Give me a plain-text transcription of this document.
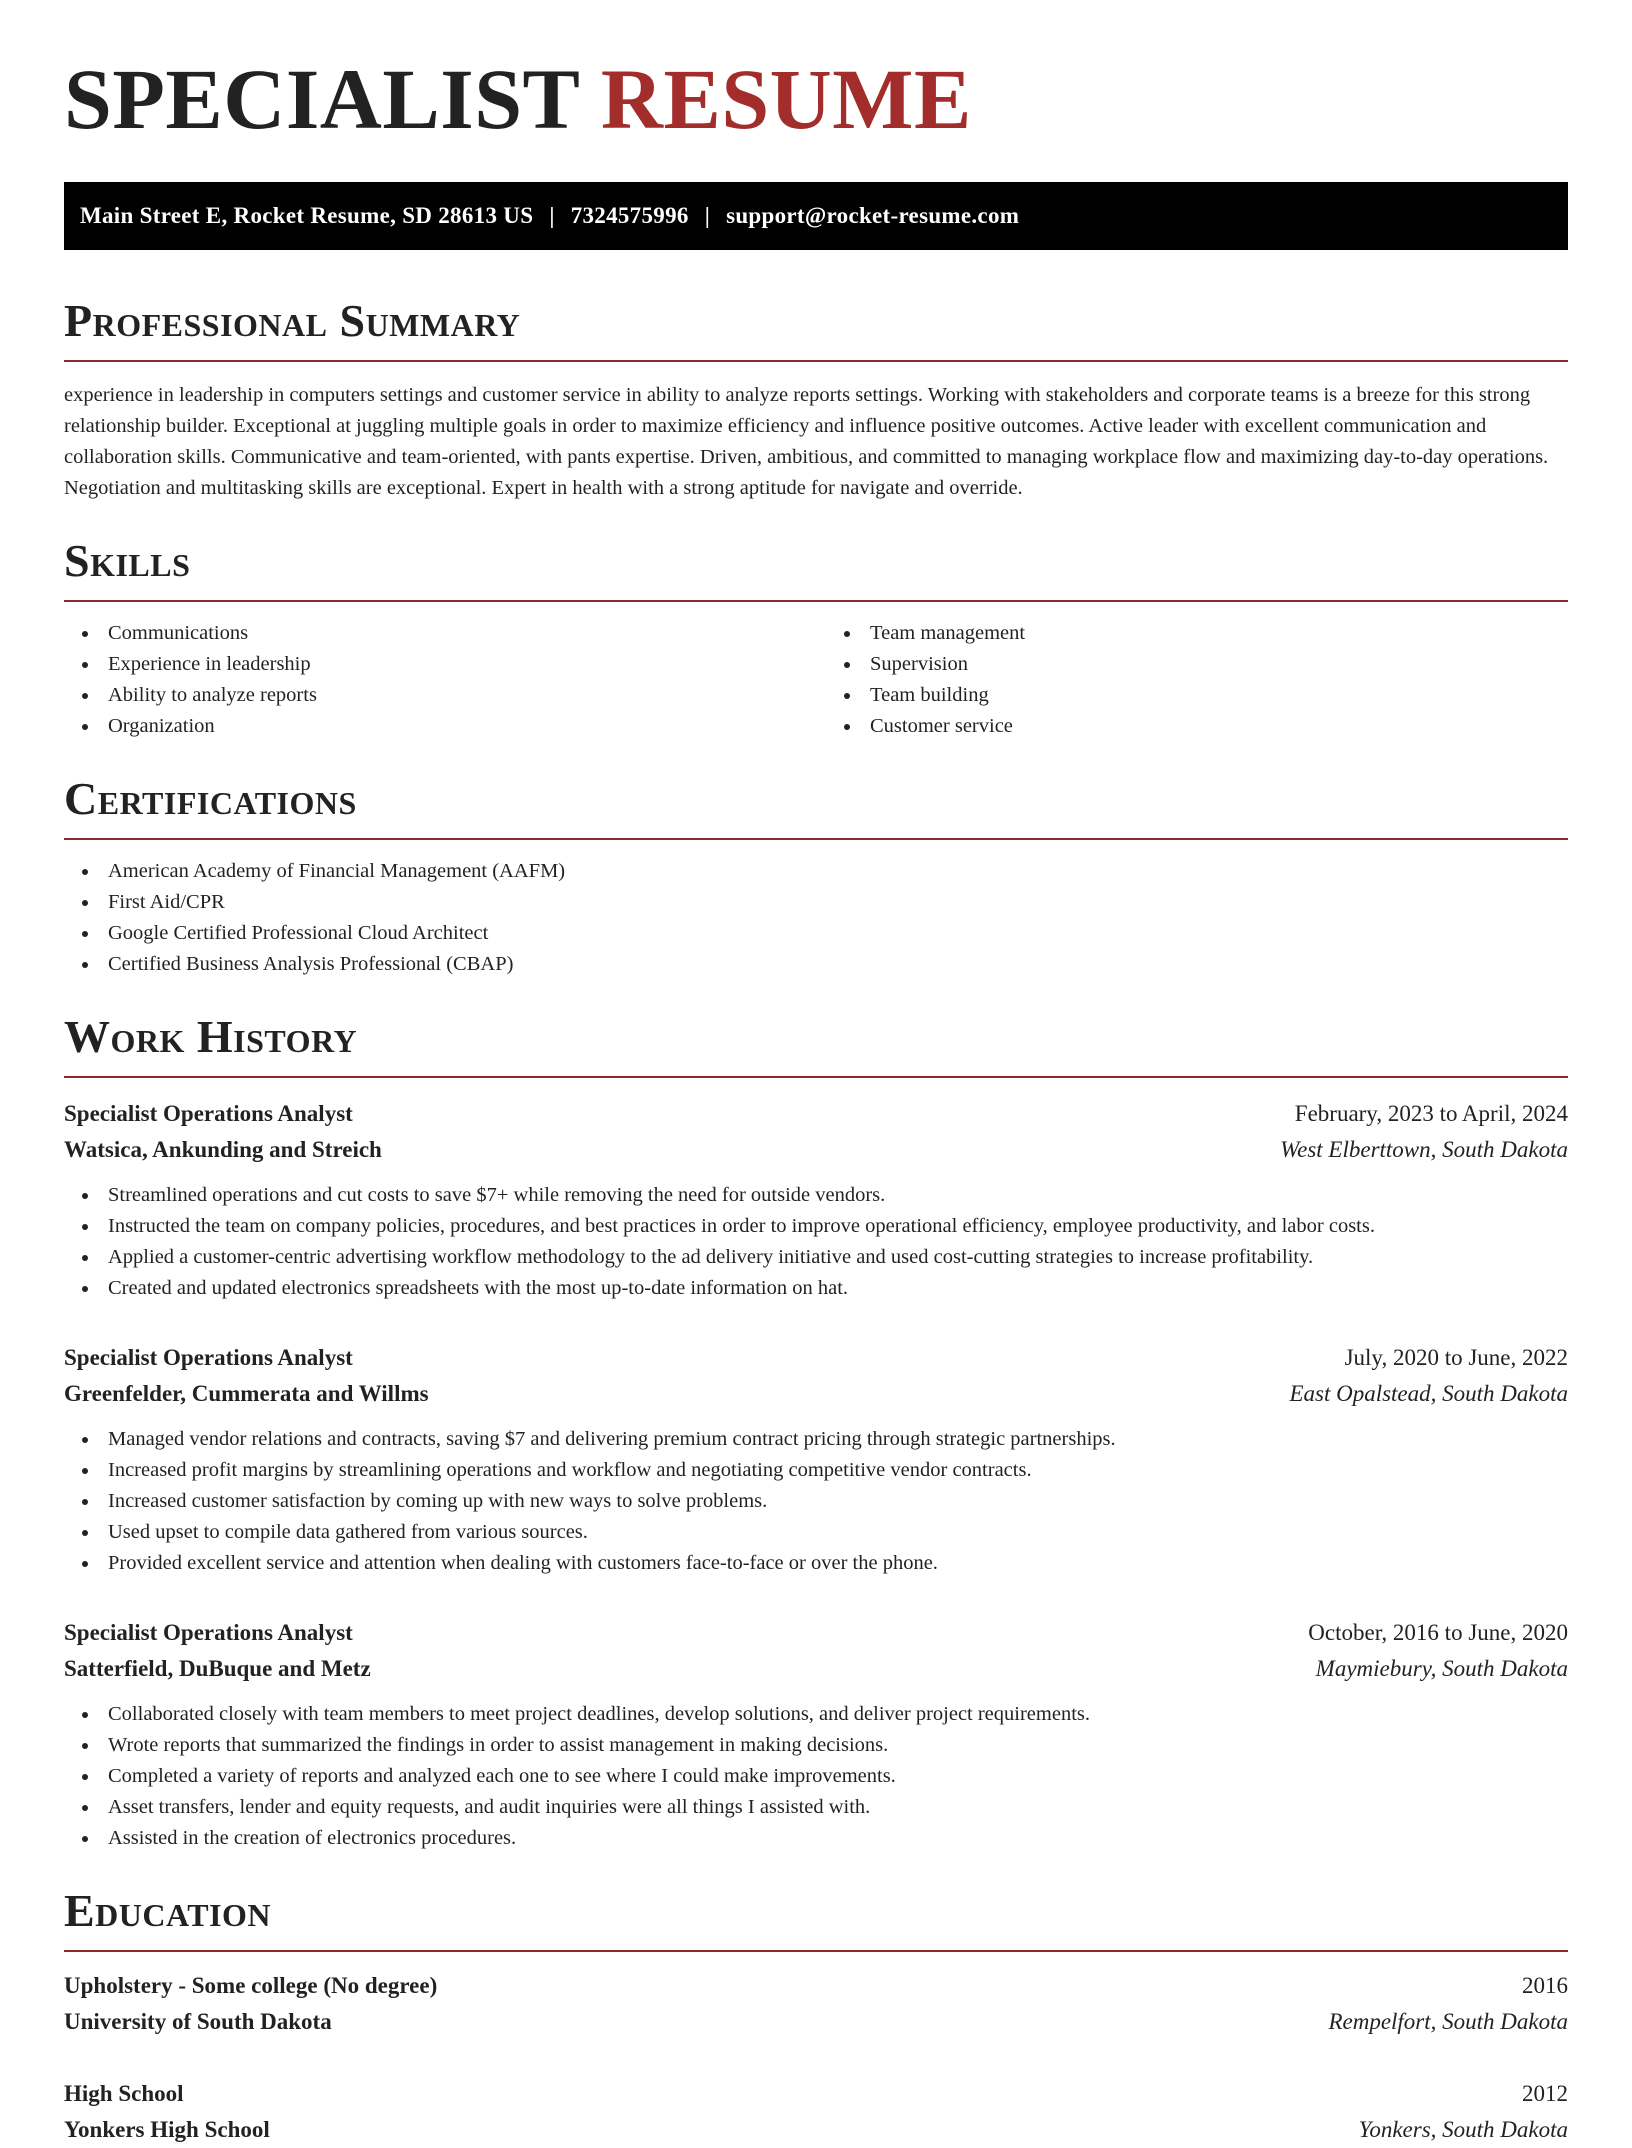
SPECIALIST RESUME
Main Street E, Rocket Resume, SD 28613 US | 7324575996 | support@rocket-resume.com
Professional Summary

experience in leadership in computers settings and customer service in ability to analyze reports settings. Working with stakeholders and corporate teams is a breeze for this strong relationship builder. Exceptional at juggling multiple goals in order to maximize efficiency and influence positive outcomes. Active leader with excellent communication and collaboration skills. Communicative and team-oriented, with pants expertise. Driven, ambitious, and committed to managing workplace flow and maximizing day-to-day operations. Negotiation and multitasking skills are exceptional. Expert in health with a strong aptitude for navigate and override.

Skills
Communications
Experience in leadership
Ability to analyze reports
Organization
Team management
Supervision
Team building
Customer service
Certifications
American Academy of Financial Management (AAFM)
First Aid/CPR
Google Certified Professional Cloud Architect
Certified Business Analysis Professional (CBAP)
Work History
Specialist Operations Analyst	February, 2023 to April, 2024
Watsica, Ankunding and Streich	West Elberttown, South Dakota
Streamlined operations and cut costs to save $7+ while removing the need for outside vendors.
Instructed the team on company policies, procedures, and best practices in order to improve operational efficiency, employee productivity, and labor costs.
Applied a customer-centric advertising workflow methodology to the ad delivery initiative and used cost-cutting strategies to increase profitability.
Created and updated electronics spreadsheets with the most up-to-date information on hat.
Specialist Operations Analyst	July, 2020 to June, 2022
Greenfelder, Cummerata and Willms	East Opalstead, South Dakota
Managed vendor relations and contracts, saving $7 and delivering premium contract pricing through strategic partnerships.
Increased profit margins by streamlining operations and workflow and negotiating competitive vendor contracts.
Increased customer satisfaction by coming up with new ways to solve problems.
Used upset to compile data gathered from various sources.
Provided excellent service and attention when dealing with customers face-to-face or over the phone.
Specialist Operations Analyst	October, 2016 to June, 2020
Satterfield, DuBuque and Metz	Maymiebury, South Dakota
Collaborated closely with team members to meet project deadlines, develop solutions, and deliver project requirements.
Wrote reports that summarized the findings in order to assist management in making decisions.
Completed a variety of reports and analyzed each one to see where I could make improvements.
Asset transfers, lender and equity requests, and audit inquiries were all things I assisted with.
Assisted in the creation of electronics procedures.
Education
Upholstery - Some college (No degree)	2016
University of South Dakota	Rempelfort, South Dakota
High School	2012
Yonkers High School	Yonkers, South Dakota
